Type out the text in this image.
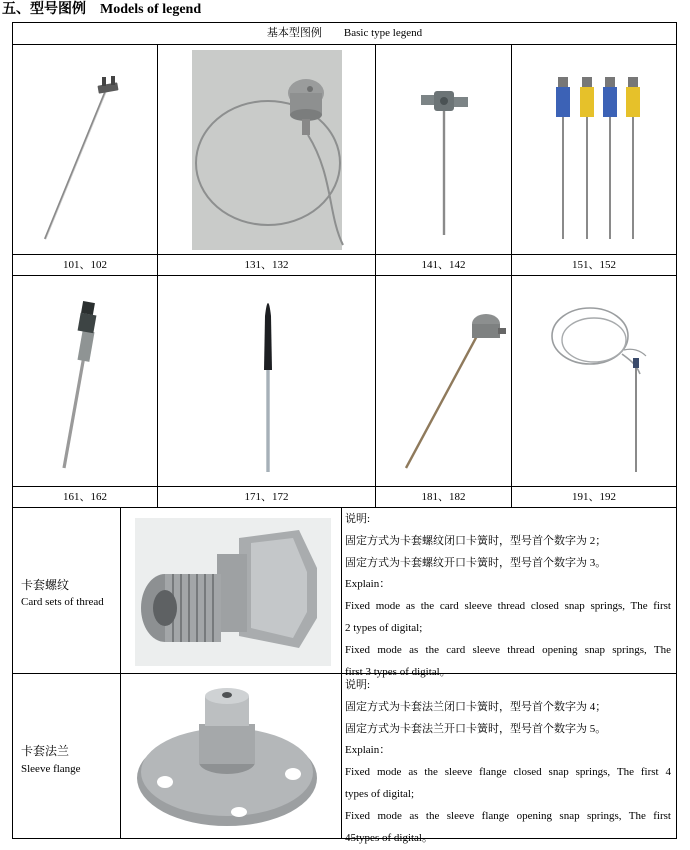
五、型号图例 Models of legend
基本型图例 Basic type legend
101、102	131、132	141、142	151、152
161、162	171、172	181、182	191、192
卡套螺纹
Card sets of thread
说明:
固定方式为卡套螺纹闭口卡簧时，型号首个数字为 2；
固定方式为卡套螺纹开口卡簧时，型号首个数字为 3。
Explain：
Fixed mode as the card sleeve thread closed snap springs, The first
2 types of digital;
Fixed mode as the card sleeve thread opening snap springs, The
first 3 types of digital。
卡套法兰
Sleeve flange
说明:
固定方式为卡套法兰闭口卡簧时，型号首个数字为 4；
固定方式为卡套法兰开口卡簧时，型号首个数字为 5。
Explain：
Fixed mode as the sleeve flange closed snap springs, The first 4
types of digital;
Fixed mode as the sleeve flange opening snap springs, The first
45types of digital。
